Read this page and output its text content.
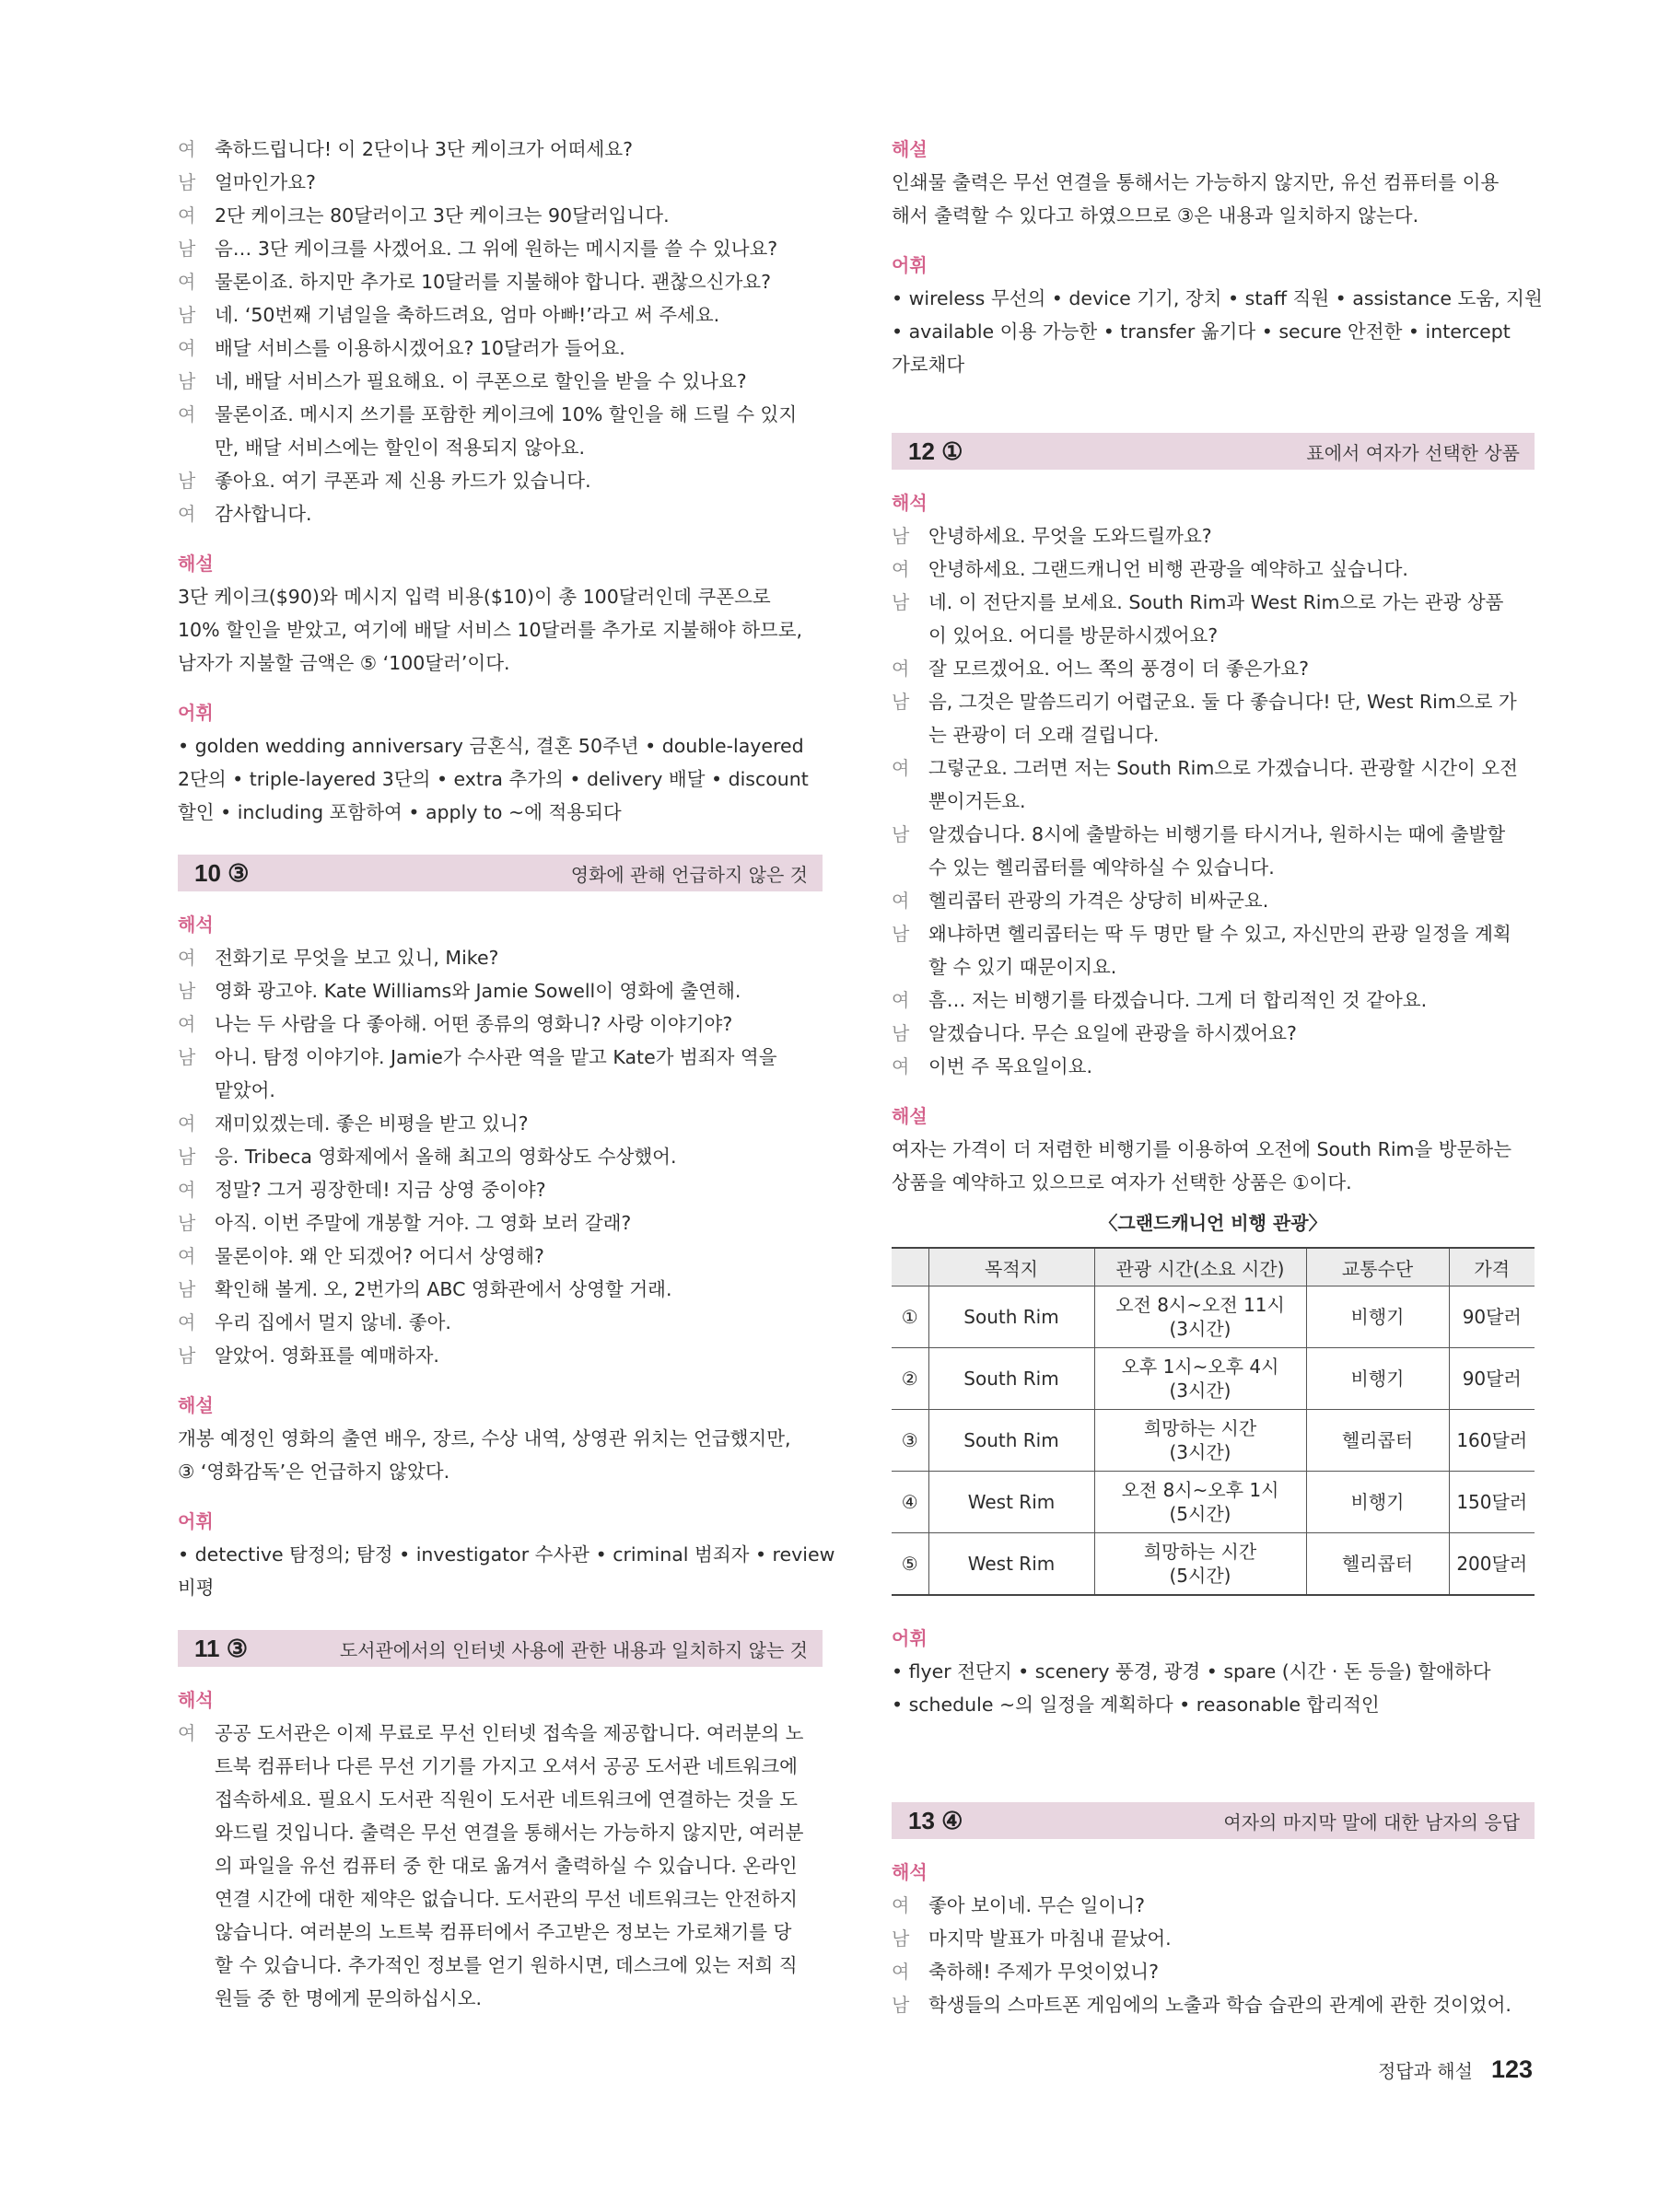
여	축하드립니다! 이 2단이나 3단 케이크가 어떠세요?
남	얼마인가요?
여	2단 케이크는 80달러이고 3단 케이크는 90달러입니다.
남	음… 3단 케이크를 사겠어요. 그 위에 원하는 메시지를 쓸 수 있나요?
여	물론이죠. 하지만 추가로 10달러를 지불해야 합니다. 괜찮으신가요?
남	네. ‘50번째 기념일을 축하드려요, 엄마 아빠!’라고 써 주세요.
여	배달 서비스를 이용하시겠어요? 10달러가 들어요.
남	네, 배달 서비스가 필요해요. 이 쿠폰으로 할인을 받을 수 있나요?
여	물론이죠. 메시지 쓰기를 포함한 케이크에 10% 할인을 해 드릴 수 있지
만, 배달 서비스에는 할인이 적용되지 않아요.
남	좋아요. 여기 쿠폰과 제 신용 카드가 있습니다.
여	감사합니다.
해설
3단 케이크($90)와 메시지 입력 비용($10)이 총 100달러인데 쿠폰으로
10% 할인을 받았고, 여기에 배달 서비스 10달러를 추가로 지불해야 하므로,
남자가 지불할 금액은 ⑤ ‘100달러’이다.
어휘
• golden wedding anniversary 금혼식, 결혼 50주년 • double-layered
2단의 • triple-layered 3단의 • extra 추가의 • delivery 배달 • discount
할인 • including 포함하여 • apply to ~에 적용되다
10 ③	영화에 관해 언급하지 않은 것
해석
여	전화기로 무엇을 보고 있니, Mike?
남	영화 광고야. Kate Williams와 Jamie Sowell이 영화에 출연해.
여	나는 두 사람을 다 좋아해. 어떤 종류의 영화니? 사랑 이야기야?
남	아니. 탐정 이야기야. Jamie가 수사관 역을 맡고 Kate가 범죄자 역을
맡았어.
여	재미있겠는데. 좋은 비평을 받고 있니?
남	응. Tribeca 영화제에서 올해 최고의 영화상도 수상했어.
여	정말? 그거 굉장한데! 지금 상영 중이야?
남	아직. 이번 주말에 개봉할 거야. 그 영화 보러 갈래?
여	물론이야. 왜 안 되겠어? 어디서 상영해?
남	확인해 볼게. 오, 2번가의 ABC 영화관에서 상영할 거래.
여	우리 집에서 멀지 않네. 좋아.
남	알았어. 영화표를 예매하자.
해설
개봉 예정인 영화의 출연 배우, 장르, 수상 내역, 상영관 위치는 언급했지만,
③ ‘영화감독’은 언급하지 않았다.
어휘
• detective 탐정의; 탐정 • investigator 수사관 • criminal 범죄자 • review
비평
11 ③	도서관에서의 인터넷 사용에 관한 내용과 일치하지 않는 것
해석
여	공공 도서관은 이제 무료로 무선 인터넷 접속을 제공합니다. 여러분의 노
트북 컴퓨터나 다른 무선 기기를 가지고 오셔서 공공 도서관 네트워크에
접속하세요. 필요시 도서관 직원이 도서관 네트워크에 연결하는 것을 도
와드릴 것입니다. 출력은 무선 연결을 통해서는 가능하지 않지만, 여러분
의 파일을 유선 컴퓨터 중 한 대로 옮겨서 출력하실 수 있습니다. 온라인
연결 시간에 대한 제약은 없습니다. 도서관의 무선 네트워크는 안전하지
않습니다. 여러분의 노트북 컴퓨터에서 주고받은 정보는 가로채기를 당
할 수 있습니다. 추가적인 정보를 얻기 원하시면, 데스크에 있는 저희 직
원들 중 한 명에게 문의하십시오.
해설
인쇄물 출력은 무선 연결을 통해서는 가능하지 않지만, 유선 컴퓨터를 이용
해서 출력할 수 있다고 하였으므로 ③은 내용과 일치하지 않는다.
어휘
• wireless 무선의 • device 기기, 장치 • staff 직원 • assistance 도움, 지원
• available 이용 가능한 • transfer 옮기다 • secure 안전한 • intercept
가로채다
12 ①	표에서 여자가 선택한 상품
해석
남	안녕하세요. 무엇을 도와드릴까요?
여	안녕하세요. 그랜드캐니언 비행 관광을 예약하고 싶습니다.
남	네. 이 전단지를 보세요. South Rim과 West Rim으로 가는 관광 상품
이 있어요. 어디를 방문하시겠어요?
여	잘 모르겠어요. 어느 쪽의 풍경이 더 좋은가요?
남	음, 그것은 말씀드리기 어렵군요. 둘 다 좋습니다! 단, West Rim으로 가
는 관광이 더 오래 걸립니다.
여	그렇군요. 그러면 저는 South Rim으로 가겠습니다. 관광할 시간이 오전
뿐이거든요.
남	알겠습니다. 8시에 출발하는 비행기를 타시거나, 원하시는 때에 출발할
수 있는 헬리콥터를 예약하실 수 있습니다.
여	헬리콥터 관광의 가격은 상당히 비싸군요.
남	왜냐하면 헬리콥터는 딱 두 명만 탈 수 있고, 자신만의 관광 일정을 계획
할 수 있기 때문이지요.
여	흠… 저는 비행기를 타겠습니다. 그게 더 합리적인 것 같아요.
남	알겠습니다. 무슨 요일에 관광을 하시겠어요?
여	이번 주 목요일이요.
해설
여자는 가격이 더 저렴한 비행기를 이용하여 오전에 South Rim을 방문하는
상품을 예약하고 있으므로 여자가 선택한 상품은 ①이다.
〈그랜드캐니언 비행 관광〉
	목적지	관광 시간(소요 시간)	교통수단	가격

①	South Rim	오전 8시~오전 11시
(3시간)	비행기	90달러

②	South Rim	오후 1시~오후 4시
(3시간)	비행기	90달러

③	South Rim	희망하는 시간
(3시간)	헬리콥터	160달러

④	West Rim	오전 8시~오후 1시
(5시간)	비행기	150달러

⑤	West Rim	희망하는 시간
(5시간)	헬리콥터	200달러
어휘
• flyer 전단지 • scenery 풍경, 광경 • spare (시간 · 돈 등을) 할애하다
• schedule ~의 일정을 계획하다 • reasonable 합리적인
13 ④	여자의 마지막 말에 대한 남자의 응답
해석
여	좋아 보이네. 무슨 일이니?
남	마지막 발표가 마침내 끝났어.
여	축하해! 주제가 무엇이었니?
남	학생들의 스마트폰 게임에의 노출과 학습 습관의 관계에 관한 것이었어.
정답과 해설 123
